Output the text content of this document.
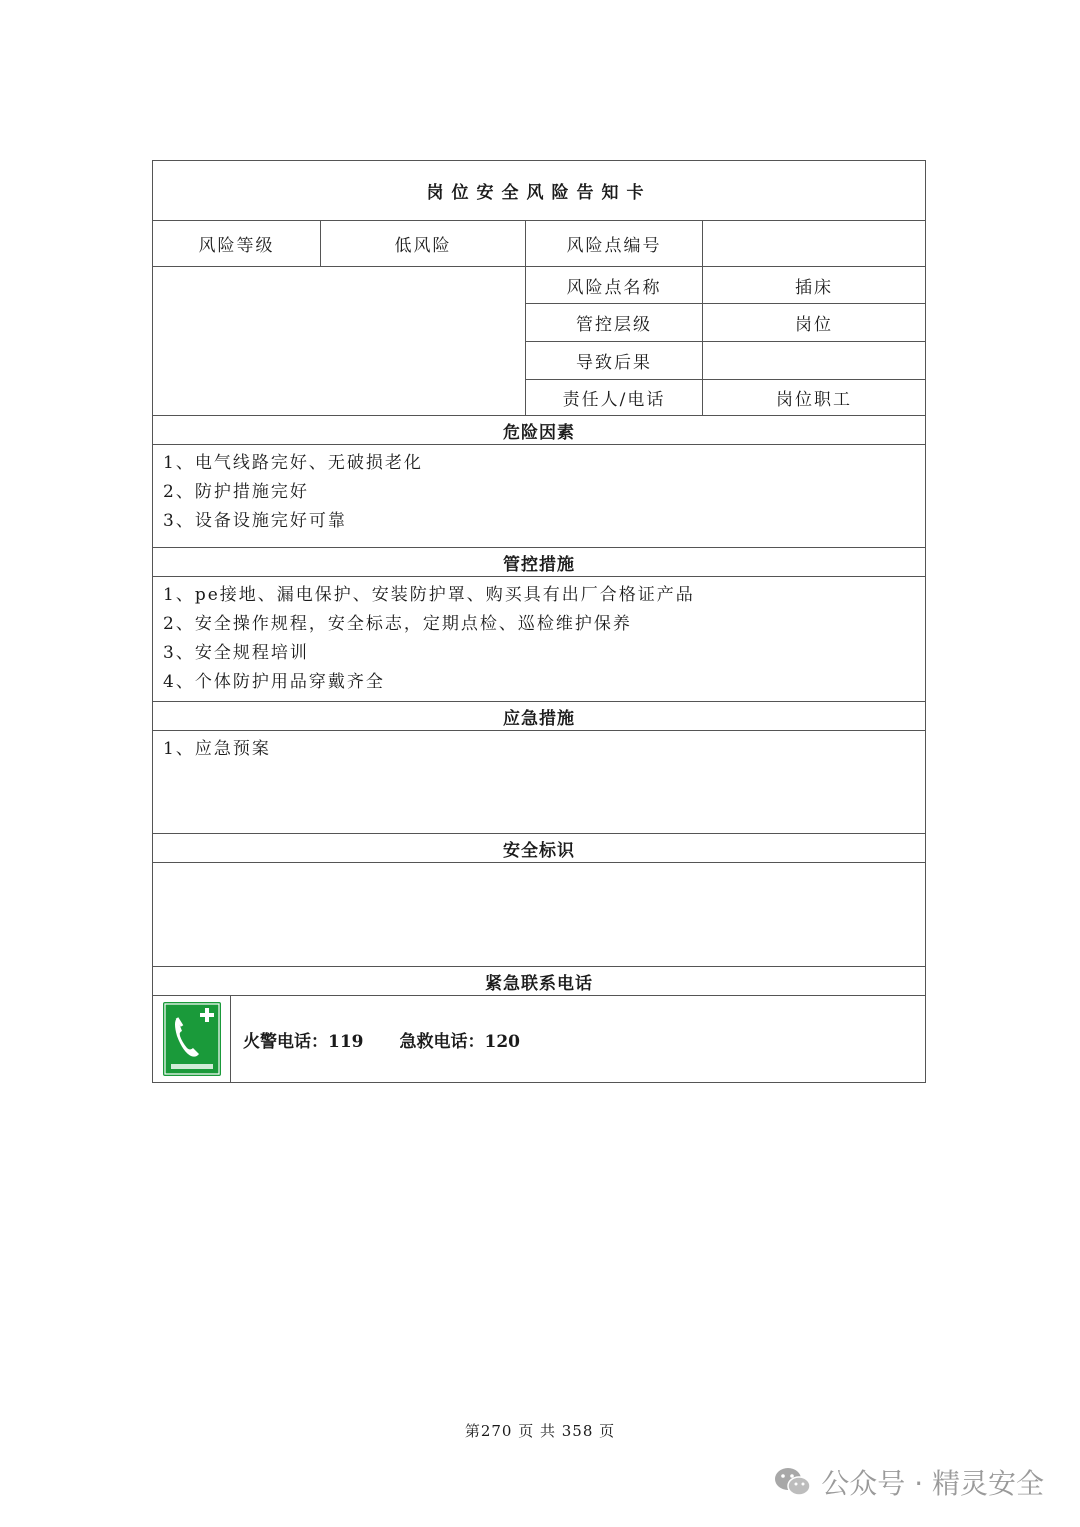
岗位安全风险告知卡			
风险等级	低风险	风险点编号	
		风险点名称	插床
		管控层级	岗位
		导致后果	
		责任人/电话	岗位职工
危险因素			

1、电气线路完好、无破损老化
2、防护措施完好
3、设备设施完好可靠			

管控措施			

1、pe接地、漏电保护、安装防护罩、购买具有出厂合格证产品
2、安全操作规程，安全标志，定期点检、巡检维护保养
3、安全规程培训
4、个体防护用品穿戴齐全			

应急措施			

1、应急预案			

安全标识			

紧急联系电话			

火警电话：119 急救电话：120			
第270 页 共 358 页
公众号 · 精灵安全
